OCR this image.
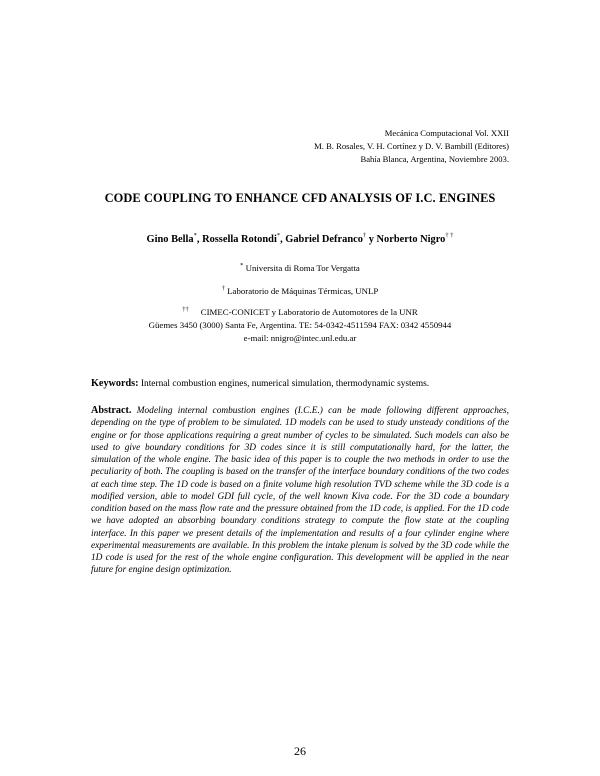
Mecánica Computacional Vol. XXII
M. B. Rosales, V. H. Cortínez y D. V. Bambill (Editores)
Bahía Blanca, Argentina, Noviembre 2003.
CODE COUPLING TO ENHANCE CFD ANALYSIS OF I.C. ENGINES
Gino Bella*, Rossella Rotondi*, Gabriel Defranco† y Norberto Nigro† †
* Universita di Roma Tor Vergatta
† Laboratorio de Máquinas Térmicas, UNLP
†† CIMEC-CONICET y Laboratorio de Automotores de la UNR
Güemes 3450 (3000) Santa Fe, Argentina. TE: 54-0342-4511594 FAX: 0342 4550944
e-mail: nnigro@intec.unl.edu.ar
Keywords: Internal combustion engines, numerical simulation, thermodynamic systems.
Abstract. Modeling internal combustion engines (I.C.E.) can be made following different approaches, depending on the type of problem to be simulated. 1D models can be used to study unsteady conditions of the engine or for those applications requiring a great number of cycles to be simulated. Such models can also be used to give boundary conditions for 3D codes since it is still computationally hard, for the latter, the simulation of the whole engine. The basic idea of this paper is to couple the two methods in order to use the peculiarity of both. The coupling is based on the transfer of the interface boundary conditions of the two codes at each time step. The 1D code is based on a finite volume high resolution TVD scheme while the 3D code is a modified version, able to model GDI full cycle, of the well known Kiva code. For the 3D code a boundary condition based on the mass flow rate and the pressure obtained from the 1D code, is applied. For the 1D code we have adopted an absorbing boundary conditions strategy to compute the flow state at the coupling interface. In this paper we present details of the implementation and results of a four cylinder engine where experimental measurements are available. In this problem the intake plenum is solved by the 3D code while the 1D code is used for the rest of the whole engine configuration. This development will be applied in the near future for engine design optimization.
26
